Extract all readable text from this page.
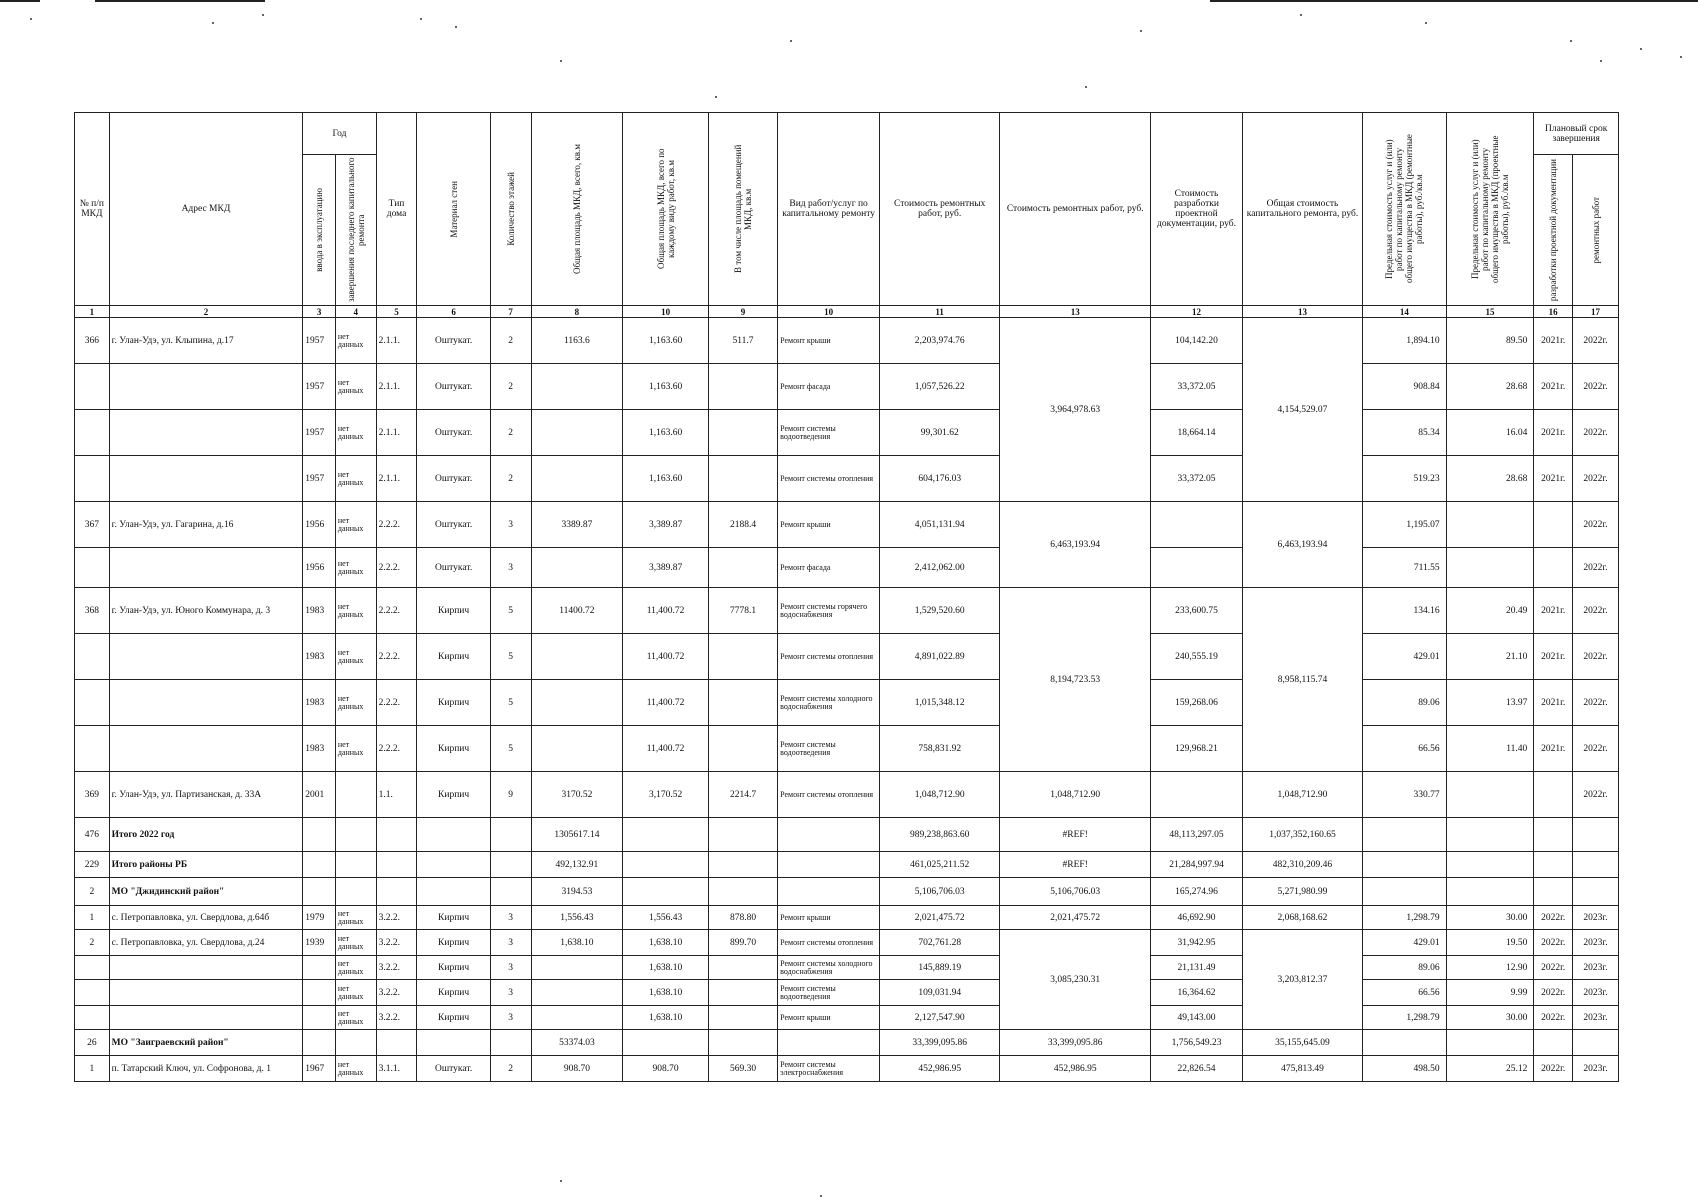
№ п/п МКД	Адрес МКД	Год		Тип дома	Материал стен	Количество этажей	Общая площадь МКД, всего, кв.м	Общая площадь МКД, всего по каждому виду работ, кв.м	В том числе площадь помещений МКД, кв.м	Вид работ/услуг по капитальному ремонту	Стоимость ремонтных работ, руб.	Стоимость ремонтных работ, руб.	Стоимость разработки проектной документации, руб.	Общая стоимость капитального ремонта, руб.	Предельная стоимость услуг и (или) работ по капитальному ремонту общего имущества в МКД (ремонтные работы), руб./кв.м	Предельная стоимость услуг и (или) работ по капитальному ремонту общего имущества в МКД (проектные работы), руб./кв.м	Плановый срок завершения	

		ввода в эксплуатацию	завершения последнего капитального ремонта														разработки проектной документации	ремонтных работ

1	2	3	4	5	6	7	8	10	9	10	11	13	12	13	14	15	16	17
366	г. Улан-Удэ, ул. Клыпина, д.17	1957	нет данных	2.1.1.	Оштукат.	2	1163.6	1,163.60	511.7	Ремонт крыши	2,203,974.76	3,964,978.63	104,142.20	4,154,529.07	1,894.10	89.50	2021г.	2022г.
		1957	нет данных	2.1.1.	Оштукат.	2		1,163.60		Ремонт фасада	1,057,526.22		33,372.05		908.84	28.68	2021г.	2022г.
		1957	нет данных	2.1.1.	Оштукат.	2		1,163.60		Ремонт системы водоотведения	99,301.62		18,664.14		85.34	16.04	2021г.	2022г.
		1957	нет данных	2.1.1.	Оштукат.	2		1,163.60		Ремонт системы отопления	604,176.03		33,372.05		519.23	28.68	2021г.	2022г.
367	г. Улан-Удэ, ул. Гагарина, д.16	1956	нет данных	2.2.2.	Оштукат.	3	3389.87	3,389.87	2188.4	Ремонт крыши	4,051,131.94	6,463,193.94		6,463,193.94	1,195.07			2022г.
		1956	нет данных	2.2.2.	Оштукат.	3		3,389.87		Ремонт фасада	2,412,062.00				711.55			2022г.
368	г. Улан-Удэ, ул. Юного Коммунара, д. 3	1983	нет данных	2.2.2.	Кирпич	5	11400.72	11,400.72	7778.1	Ремонт системы горячего водоснабжения	1,529,520.60	8,194,723.53	233,600.75	8,958,115.74	134.16	20.49	2021г.	2022г.
		1983	нет данных	2.2.2.	Кирпич	5		11,400.72		Ремонт системы отопления	4,891,022.89		240,555.19		429.01	21.10	2021г.	2022г.
		1983	нет данных	2.2.2.	Кирпич	5		11,400.72		Ремонт системы холодного водоснабжения	1,015,348.12		159,268.06		89.06	13.97	2021г.	2022г.
		1983	нет данных	2.2.2.	Кирпич	5		11,400.72		Ремонт системы водоотведения	758,831.92		129,968.21		66.56	11.40	2021г.	2022г.
369	г. Улан-Удэ, ул. Партизанская, д. 33А	2001		1.1.	Кирпич	9	3170.52	3,170.52	2214.7	Ремонт системы отопления	1,048,712.90	1,048,712.90		1,048,712.90	330.77			2022г.
476	Итого 2022 год						1305617.14				989,238,863.60	#REF!	48,113,297.05	1,037,352,160.65				
229	Итого районы РБ						492,132.91				461,025,211.52	#REF!	21,284,997.94	482,310,209.46				
2	МО "Джидинский район"						3194.53				5,106,706.03	5,106,706.03	165,274.96	5,271,980.99				
1	с. Петропавловка, ул. Свердлова, д.64б	1979	нет данных	3.2.2.	Кирпич	3	1,556.43	1,556.43	878.80	Ремонт крыши	2,021,475.72	2,021,475.72	46,692.90	2,068,168.62	1,298.79	30.00	2022г.	2023г.
2	с. Петропавловка, ул. Свердлова, д.24	1939	нет данных	3.2.2.	Кирпич	3	1,638.10	1,638.10	899.70	Ремонт системы отопления	702,761.28	3,085,230.31	31,942.95	3,203,812.37	429.01	19.50	2022г.	2023г.
			нет данных	3.2.2.	Кирпич	3		1,638.10		Ремонт системы холодного водоснабжения	145,889.19		21,131.49		89.06	12.90	2022г.	2023г.
			нет данных	3.2.2.	Кирпич	3		1,638.10		Ремонт системы водоотведения	109,031.94		16,364.62		66.56	9.99	2022г.	2023г.
			нет данных	3.2.2.	Кирпич	3		1,638.10		Ремонт крыши	2,127,547.90		49,143.00		1,298.79	30.00	2022г.	2023г.
26	МО "Заиграевский район"						53374.03				33,399,095.86	33,399,095.86	1,756,549.23	35,155,645.09				
1	п. Татарский Ключ, ул. Софронова, д. 1	1967	нет данных	3.1.1.	Оштукат.	2	908.70	908.70	569.30	Ремонт системы электроснабжения	452,986.95	452,986.95	22,826.54	475,813.49	498.50	25.12	2022г.	2023г.
